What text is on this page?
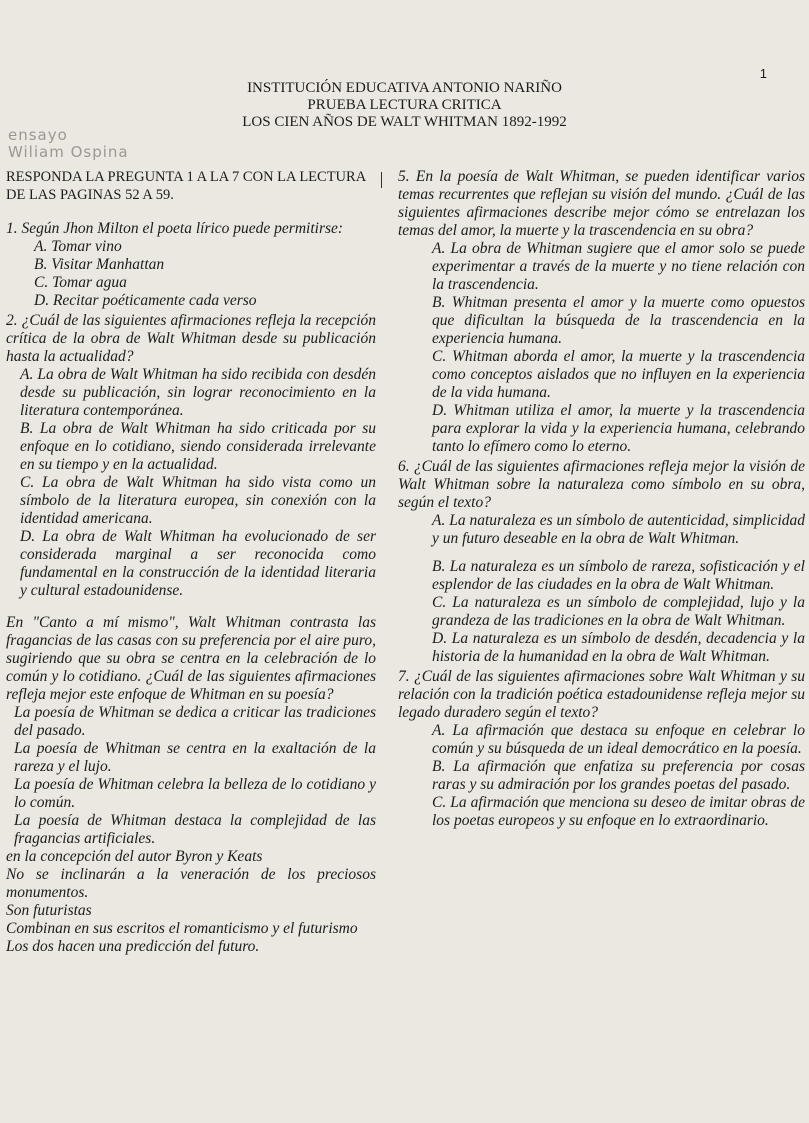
1
INSTITUCIÓN EDUCATIVA ANTONIO NARIÑO
PRUEBA LECTURA CRITICA
LOS CIEN AÑOS DE WALT WHITMAN 1892-1992
ensayo
Wiliam Ospina
RESPONDA LA PREGUNTA 1 A LA 7 CON LA LECTURA DE LAS PAGINAS 52 A 59.

1. Según Jhon Milton el poeta lírico puede permitirse:

A. Tomar vino

B. Visitar Manhattan

C. Tomar agua

D. Recitar poéticamente cada verso

2. ¿Cuál de las siguientes afirmaciones refleja la recepción crítica de la obra de Walt Whitman desde su publicación hasta la actualidad?

A. La obra de Walt Whitman ha sido recibida con desdén desde su publicación, sin lograr reconocimiento en la literatura contemporánea.

B. La obra de Walt Whitman ha sido criticada por su enfoque en lo cotidiano, siendo considerada irrelevante en su tiempo y en la actualidad.

C. La obra de Walt Whitman ha sido vista como un símbolo de la literatura europea, sin conexión con la identidad americana.

D. La obra de Walt Whitman ha evolucionado de ser considerada marginal a ser reconocida como fundamental en la construcción de la identidad literaria y cultural estadounidense.

En "Canto a mí mismo", Walt Whitman contrasta las fragancias de las casas con su preferencia por el aire puro, sugiriendo que su obra se centra en la celebración de lo común y lo cotidiano. ¿Cuál de las siguientes afirmaciones refleja mejor este enfoque de Whitman en su poesía?

La poesía de Whitman se dedica a criticar las tradiciones del pasado.

La poesía de Whitman se centra en la exaltación de la rareza y el lujo.

La poesía de Whitman celebra la belleza de lo cotidiano y lo común.

La poesía de Whitman destaca la complejidad de las fragancias artificiales.

en la concepción del autor Byron y Keats

No se inclinarán a la veneración de los preciosos monumentos.

Son futuristas

Combinan en sus escritos el romanticismo y el futurismo

Los dos hacen una predicción del futuro.

5. En la poesía de Walt Whitman, se pueden identificar varios temas recurrentes que reflejan su visión del mundo. ¿Cuál de las siguientes afirmaciones describe mejor cómo se entrelazan los temas del amor, la muerte y la trascendencia en su obra?

A. La obra de Whitman sugiere que el amor solo se puede experimentar a través de la muerte y no tiene relación con la trascendencia.

B. Whitman presenta el amor y la muerte como opuestos que dificultan la búsqueda de la trascendencia en la experiencia humana.

C. Whitman aborda el amor, la muerte y la trascendencia como conceptos aislados que no influyen en la experiencia de la vida humana.

D. Whitman utiliza el amor, la muerte y la trascendencia para explorar la vida y la experiencia humana, celebrando tanto lo efímero como lo eterno.

6. ¿Cuál de las siguientes afirmaciones refleja mejor la visión de Walt Whitman sobre la naturaleza como símbolo en su obra, según el texto?

A. La naturaleza es un símbolo de autenticidad, simplicidad y un futuro deseable en la obra de Walt Whitman.

B. La naturaleza es un símbolo de rareza, sofisticación y el esplendor de las ciudades en la obra de Walt Whitman.

C. La naturaleza es un símbolo de complejidad, lujo y la grandeza de las tradiciones en la obra de Walt Whitman.

D. La naturaleza es un símbolo de desdén, decadencia y la historia de la humanidad en la obra de Walt Whitman.

7. ¿Cuál de las siguientes afirmaciones sobre Walt Whitman y su relación con la tradición poética estadounidense refleja mejor su legado duradero según el texto?

A. La afirmación que destaca su enfoque en celebrar lo común y su búsqueda de un ideal democrático en la poesía.

B. La afirmación que enfatiza su preferencia por cosas raras y su admiración por los grandes poetas del pasado.

C. La afirmación que menciona su deseo de imitar obras de los poetas europeos y su enfoque en lo extraordinario.
